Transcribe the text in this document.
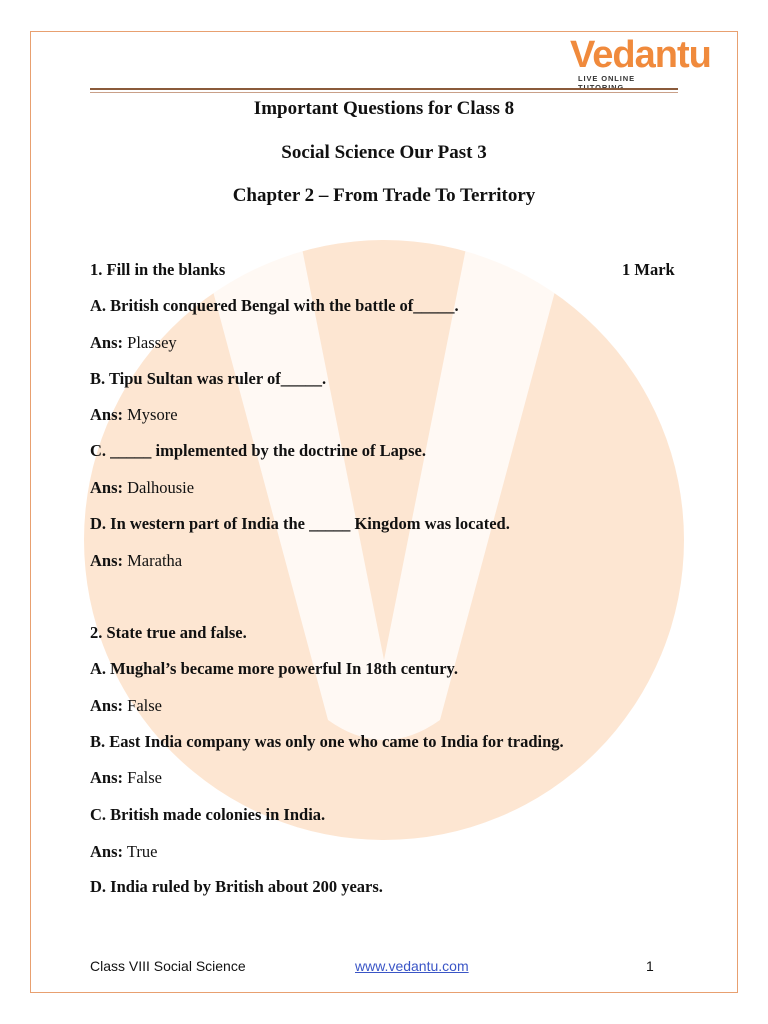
Vedantu
LIVE ONLINE
Important Questions for Class 8
Social Science Our Past 3
Chapter 2 – From Trade To Territory
1. Fill in the blanks	1 Mark
A. British conquered Bengal with the battle of_____.
Ans: Plassey
B. Tipu Sultan was ruler of_____.
Ans: Mysore
C. _____ implemented by the doctrine of Lapse.
Ans: Dalhousie
D. In western part of India the _____ Kingdom was located.
Ans: Maratha
2. State true and false.
A. Mughal’s became more powerful In 18th century.
Ans: False
B. East India company was only one who came to India for trading.
Ans: False
C. British made colonies in India.
Ans: True
D. India ruled by British about 200 years.
Class VIII Social Science	www.vedantu.com	1
